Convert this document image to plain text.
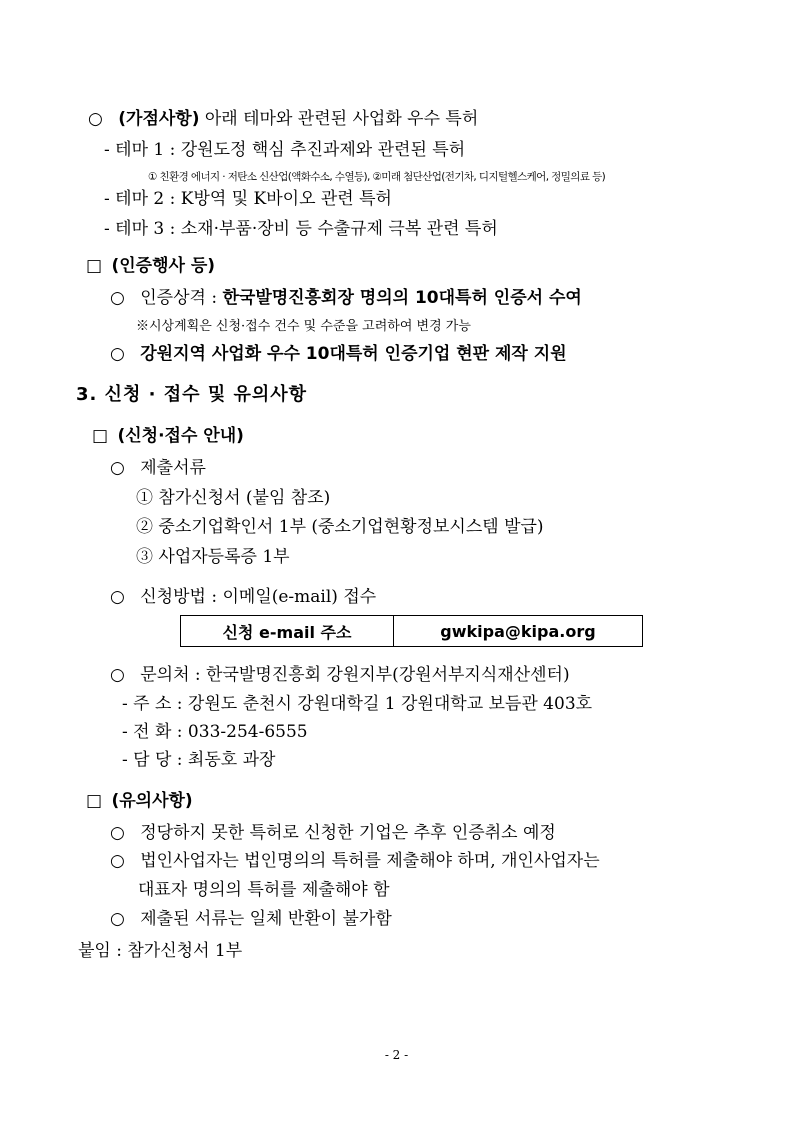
○ (가점사항) 아래 테마와 관련된 사업화 우수 특허
- 테마 1 : 강원도정 핵심 추진과제와 관련된 특허
① 친환경 에너지 · 저탄소 신산업(액화수소, 수열등), ②미래 첨단산업(전기차, 디지털헬스케어, 정밀의료 등)
- 테마 2 : K방역 및 K바이오 관련 특허
- 테마 3 : 소재·부품·장비 등 수출규제 극복 관련 특허
□ (인증행사 등)
○ 인증상격 : 한국발명진흥회장 명의의 10대특허 인증서 수여
※시상계획은 신청·접수 건수 및 수준을 고려하여 변경 가능
○ 강원지역 사업화 우수 10대특허 인증기업 현판 제작 지원
3. 신청 · 접수 및 유의사항
□ (신청·접수 안내)
○ 제출서류
① 참가신청서 (붙임 참조)
② 중소기업확인서 1부 (중소기업현황정보시스템 발급)
③ 사업자등록증 1부
○ 신청방법 : 이메일(e-mail) 접수
신청 e-mail 주소	gwkipa@kipa.org
○ 문의처 : 한국발명진흥회 강원지부(강원서부지식재산센터)
- 주 소 : 강원도 춘천시 강원대학길 1 강원대학교 보듬관 403호
- 전 화 : 033-254-6555
- 담 당 : 최동호 과장
□ (유의사항)
○ 정당하지 못한 특허로 신청한 기업은 추후 인증취소 예정
○ 법인사업자는 법인명의의 특허를 제출해야 하며, 개인사업자는
대표자 명의의 특허를 제출해야 함
○ 제출된 서류는 일체 반환이 불가함
붙임 : 참가신청서 1부
- 2 -
